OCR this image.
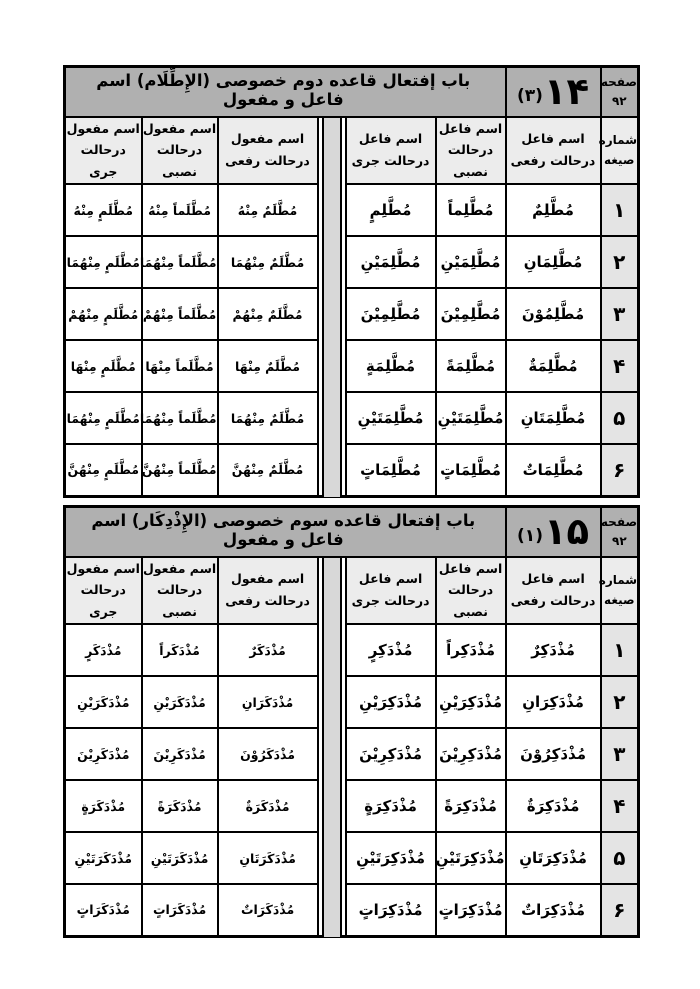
صفحه
۹۲

۱۴
(۳)
	باب إفتعال قاعده دوم خصوصی (الإِطِّلَام) اسم فاعل و مفعول

شماره
صیغه

اسم فاعل
درحالت رفعی

اسم فاعل
درحالت نصبی

اسم فاعل
درحالت جری

اسم مفعول
درحالت رفعی

اسم مفعول
درحالت نصبی

اسم مفعول
درحالت جری

۱	مُطَّلِمٌ	مُطَّلِماً	مُطَّلِمٍ		مُطَّلَمٌ مِنْهُ	مُطَّلَماً مِنْهُ	مُطَّلَمٍ مِنْهُ
۲	مُطَّلِمَانِ	مُطَّلِمَيْنِ	مُطَّلِمَيْنِ		مُطَّلَمٌ مِنْهُمَا	مُطَّلَماً مِنْهُمَا	مُطَّلَمٍ مِنْهُمَا
۳	مُطَّلِمُوْنَ	مُطَّلِمِيْنَ	مُطَّلِمِيْنَ		مُطَّلَمٌ مِنْهُمْ	مُطَّلَماً مِنْهُمْ	مُطَّلَمٍ مِنْهُمْ
۴	مُطَّلِمَةٌ	مُطَّلِمَةً	مُطَّلِمَةٍ		مُطَّلَمٌ مِنْهَا	مُطَّلَماً مِنْهَا	مُطَّلَمٍ مِنْهَا
۵	مُطَّلِمَتَانِ	مُطَّلِمَتَيْنِ	مُطَّلِمَتَيْنِ		مُطَّلَمٌ مِنْهُمَا	مُطَّلَماً مِنْهُمَا	مُطَّلَمٍ مِنْهُمَا
۶	مُطَّلِمَاتٌ	مُطَّلِمَاتٍ	مُطَّلِمَاتٍ		مُطَّلَمٌ مِنْهُنَّ	مُطَّلَماً مِنْهُنَّ	مُطَّلَمٍ مِنْهُنَّ
صفحه
۹۲

۱۵
(۱)
	باب إفتعال قاعده سوم خصوصی (الإِذْدِكَار) اسم فاعل و مفعول

شماره
صیغه

اسم فاعل
درحالت رفعی

اسم فاعل
درحالت نصبی

اسم فاعل
درحالت جری

اسم مفعول
درحالت رفعی

اسم مفعول
درحالت نصبی

اسم مفعول
درحالت جری

۱	مُذْدَكِرٌ	مُذْدَكِراً	مُذْدَكِرٍ		مُذْدَكَرٌ	مُذْدَكَراً	مُذْدَكَرٍ
۲	مُذْدَكِرَانِ	مُذْدَكِرَيْنِ	مُذْدَكِرَيْنِ		مُذْدَكَرَانِ	مُذْدَكَرَيْنِ	مُذْدَكَرَيْنِ
۳	مُذْدَكِرُوْنَ	مُذْدَكِرِيْنَ	مُذْدَكِرِيْنَ		مُذْدَكَرُوْنَ	مُذْدَكَرِيْنَ	مُذْدَكَرِيْنَ
۴	مُذْدَكِرَةٌ	مُذْدَكِرَةً	مُذْدَكِرَةٍ		مُذْدَكَرَةٌ	مُذْدَكَرَةً	مُذْدَكَرَةٍ
۵	مُذْدَكِرَتَانِ	مُذْدَكِرَتَيْنِ	مُذْدَكِرَتَيْنِ		مُذْدَكَرَتَانِ	مُذْدَكَرَتَيْنِ	مُذْدَكَرَتَيْنِ
۶	مُذْدَكِرَاتٌ	مُذْدَكِرَاتٍ	مُذْدَكِرَاتٍ		مُذْدَكَرَاتٌ	مُذْدَكَرَاتٍ	مُذْدَكَرَاتٍ
